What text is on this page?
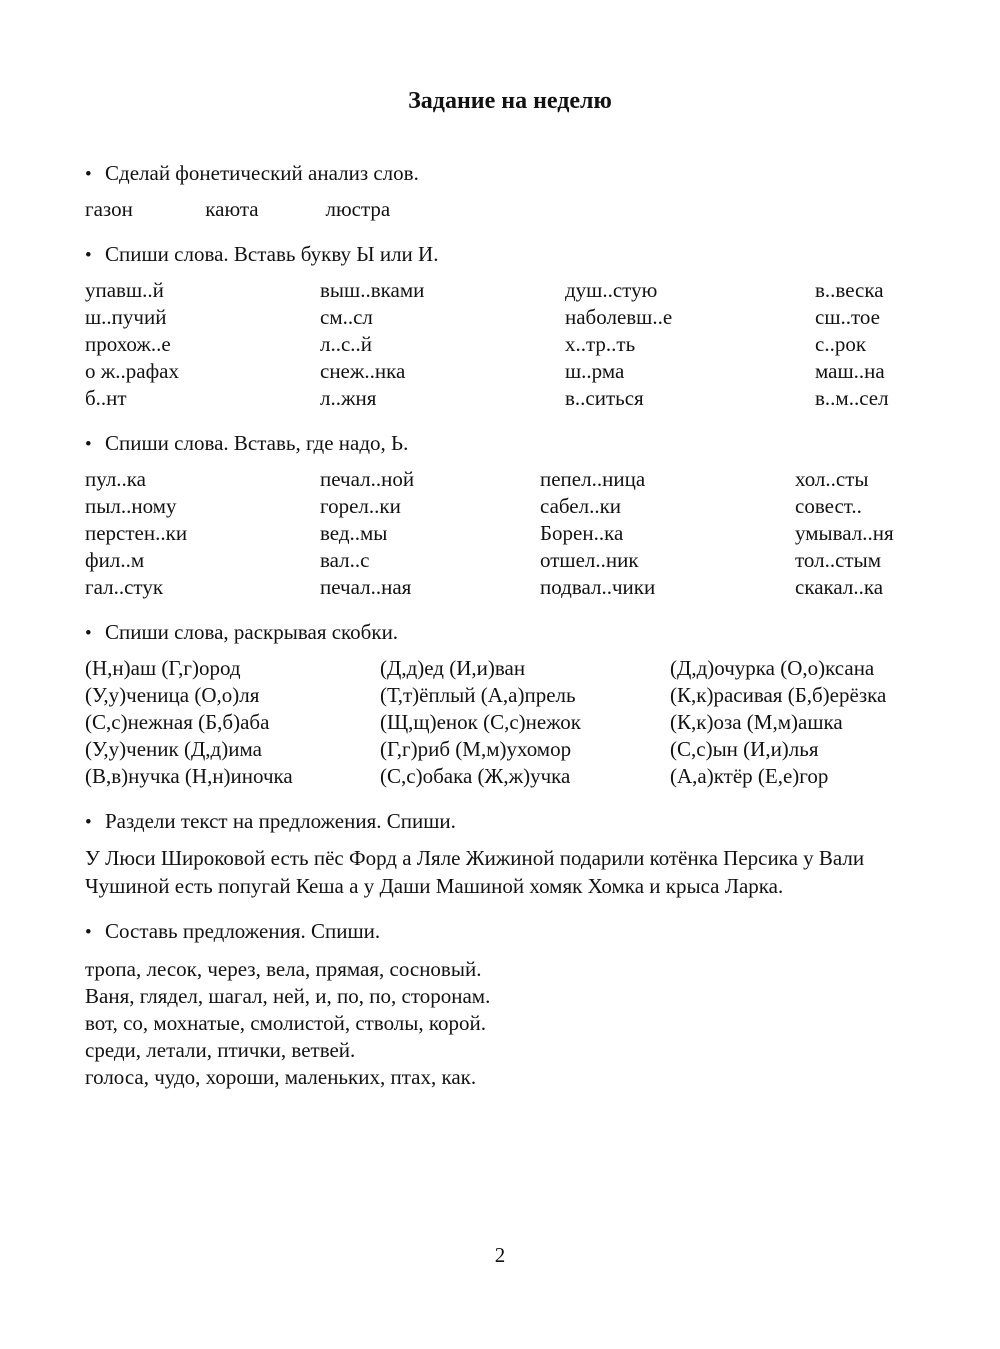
Задание на неделю
• Сделай фонетический анализ слов.
газон	каюта	люстра
• Спиши слова. Вставь букву Ы или И.
упавш..й
ш..пучий
прохож..е
о ж..рафах
б..нт
выш..вками
см..сл
л..с..й
снеж..нка
л..жня
душ..стую
наболевш..е
х..тр..ть
ш..рма
в..ситься
в..веска
сш..тое
с..рок
маш..на
в..м..сел
• Спиши слова. Вставь, где надо, Ь.
пул..ка
пыл..ному
перстен..ки
фил..м
гал..стук
печал..ной
горел..ки
вед..мы
вал..с
печал..ная
пепел..ница
сабел..ки
Борен..ка
отшел..ник
подвал..чики
хол..сты
совест..
умывал..ня
тол..стым
скакал..ка
• Спиши слова, раскрывая скобки.
(Н,н)аш (Г,г)ород
(У,у)ченица (О,о)ля
(С,с)нежная (Б,б)аба
(У,у)ченик (Д,д)има
(В,в)нучка (Н,н)иночка
(Д,д)ед (И,и)ван
(Т,т)ёплый (А,а)прель
(Щ,щ)енок (С,с)нежок
(Г,г)риб (М,м)ухомор
(С,с)обака (Ж,ж)учка
(Д,д)очурка (О,о)ксана
(К,к)расивая (Б,б)ерёзка
(К,к)оза (М,м)ашка
(С,с)ын (И,и)лья
(А,а)ктёр (Е,е)гор
• Раздели текст на предложения. Спиши.
У Люси Широковой есть пёс Форд а Ляле Жижиной подарили котёнка Персика у Вали Чушиной есть попугай Кеша а у Даши Машиной хомяк Хомка и крыса Ларка.
• Составь предложения. Спиши.
тропа, лесок, через, вела, прямая, сосновый.
Ваня, глядел, шагал, ней, и, по, по, сторонам.
вот, со, мохнатые, смолистой, стволы, корой.
среди, летали, птички, ветвей.
голоса, чудо, хороши, маленьких, птах, как.
2
